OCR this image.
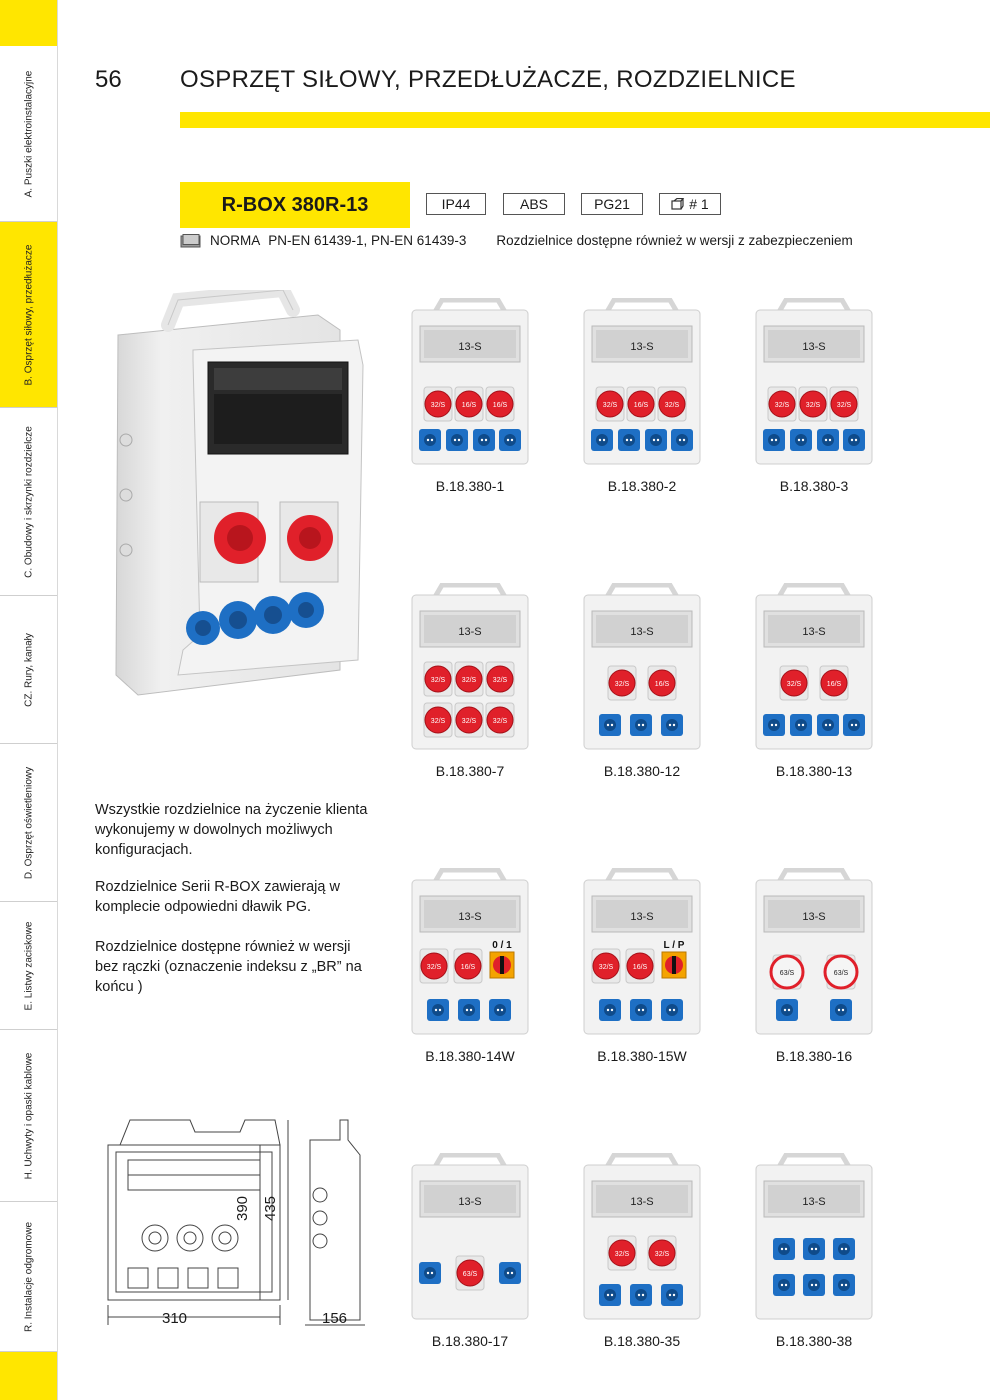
A. Puszki elektroinstalacyjne
B. Osprzęt siłowy, przedłużacze
C. Obudowy i skrzynki rozdzielcze
CZ. Rury, kanały
D. Osprzęt oświetleniowy
E. Listwy zaciskowe
H. Uchwyty i opaski kablowe
R. Instalacje odgromowe
56 OSPRZĘT SIŁOWY, PRZEDŁUŻACZE, ROZDZIELNICE
R-BOX 380R-13	IP44	ABS	PG21	# 1
NORMA PN-EN 61439-1, PN-EN 61439-3 Rozdzielnice dostępne również w wersji z zabezpieczeniem
13-S
32/S 16/S 16/S
B.18.380-1
13-S
32/S 16/S 32/S
B.18.380-2
13-S
32/S 32/S 32/S
B.18.380-3
13-S
32/S 32/S 32/S
32/S 32/S 32/S
B.18.380-7
13-S
32/S	16/S
B.18.380-12
13-S
32/S	16/S
B.18.380-13
13-S
32/S	16/S
0 / 1
B.18.380-14W
13-S
32/S	16/S
L / P
B.18.380-15W
13-S
63/S	63/S
B.18.380-16
13-S
63/S
B.18.380-17
13-S
32/S	32/S
B.18.380-35
13-S
B.18.380-38
Wszystkie rozdzielnice na życzenie klienta wykonujemy w dowolnych możliwych konfiguracjach.
Rozdzielnice Serii R-BOX zawierają w komplecie odpowiedni dławik PG.
Rozdzielnice dostępne również w wersji bez rączki (oznaczenie indeksu z „BR” na końcu )
390 435
310	156
